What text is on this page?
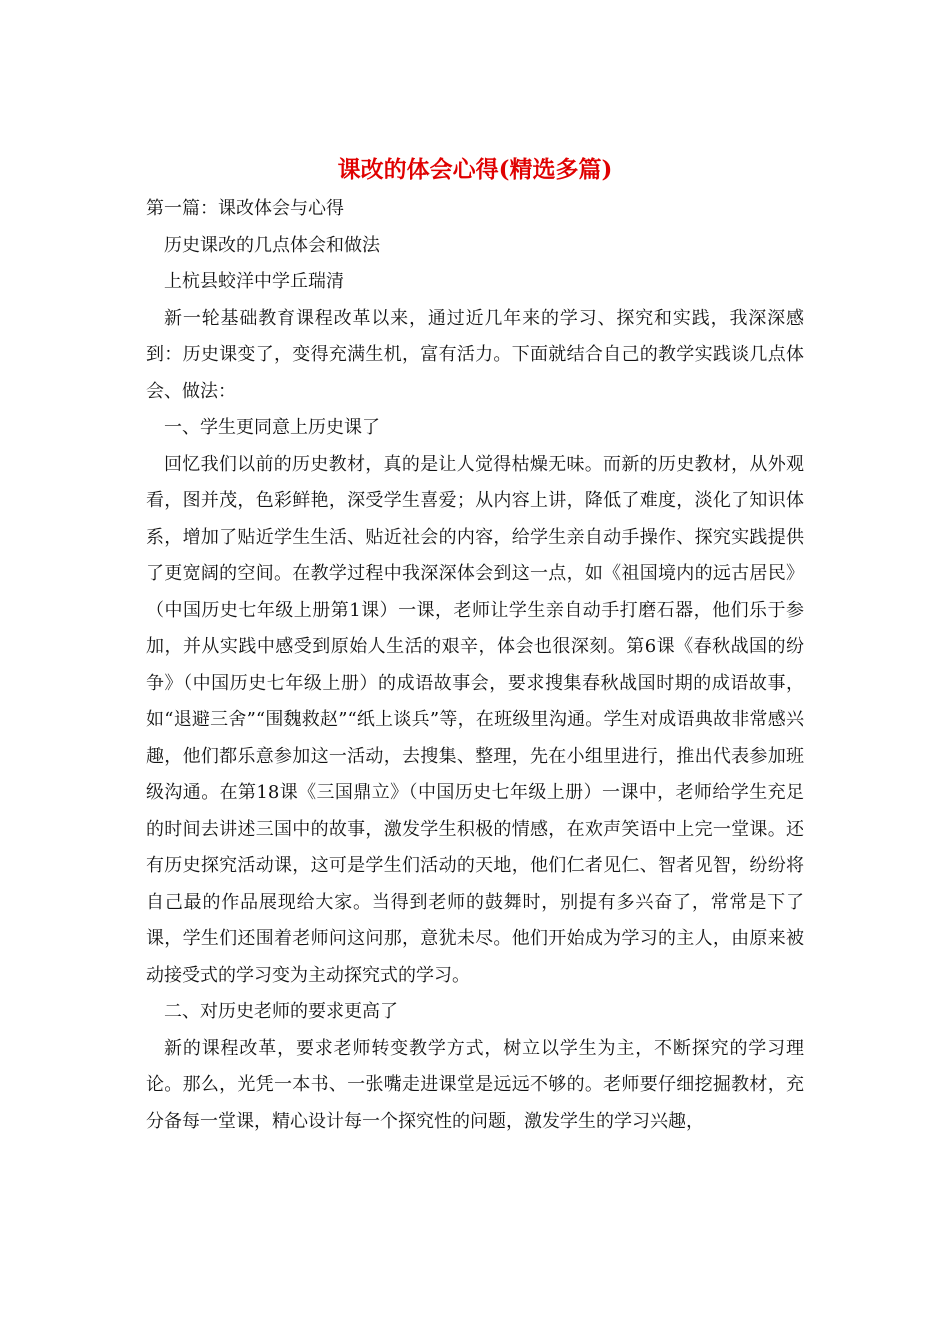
课改的体会心得(精选多篇)

第一篇：课改体会与心得

历史课改的几点体会和做法

上杭县蛟洋中学丘瑞清

新一轮基础教育课程改革以来，通过近几年来的学习、探究和实践，我深深感到：历史课变了，变得充满生机，富有活力。下面就结合自己的教学实践谈几点体会、做法：

一、学生更同意上历史课了

回忆我们以前的历史教材，真的是让人觉得枯燥无味。而新的历史教材，从外观看，图并茂，色彩鲜艳，深受学生喜爱；从内容上讲，降低了难度，淡化了知识体系，增加了贴近学生生活、贴近社会的内容，给学生亲自动手操作、探究实践提供了更宽阔的空间。在教学过程中我深深体会到这一点，如《祖国境内的远古居民》（中国历史七年级上册第1课）一课，老师让学生亲自动手打磨石器，他们乐于参加，并从实践中感受到原始人生活的艰辛，体会也很深刻。第6课《春秋战国的纷争》（中国历史七年级上册）的成语故事会，要求搜集春秋战国时期的成语故事，如“退避三舍”“围魏救赵”“纸上谈兵”等，在班级里沟通。学生对成语典故非常感兴趣，他们都乐意参加这一活动，去搜集、整理，先在小组里进行，推出代表参加班级沟通。在第18课《三国鼎立》（中国历史七年级上册）一课中，老师给学生充足的时间去讲述三国中的故事，激发学生积极的情感，在欢声笑语中上完一堂课。还有历史探究活动课，这可是学生们活动的天地，他们仁者见仁、智者见智，纷纷将自己最的作品展现给大家。当得到老师的鼓舞时，别提有多兴奋了，常常是下了课，学生们还围着老师问这问那，意犹未尽。他们开始成为学习的主人，由原来被动接受式的学习变为主动探究式的学习。

二、对历史老师的要求更高了

新的课程改革，要求老师转变教学方式，树立以学生为主，不断探究的学习理论。那么，光凭一本书、一张嘴走进课堂是远远不够的。老师要仔细挖掘教材，充分备每一堂课，精心设计每一个探究性的问题，激发学生的学习兴趣，
